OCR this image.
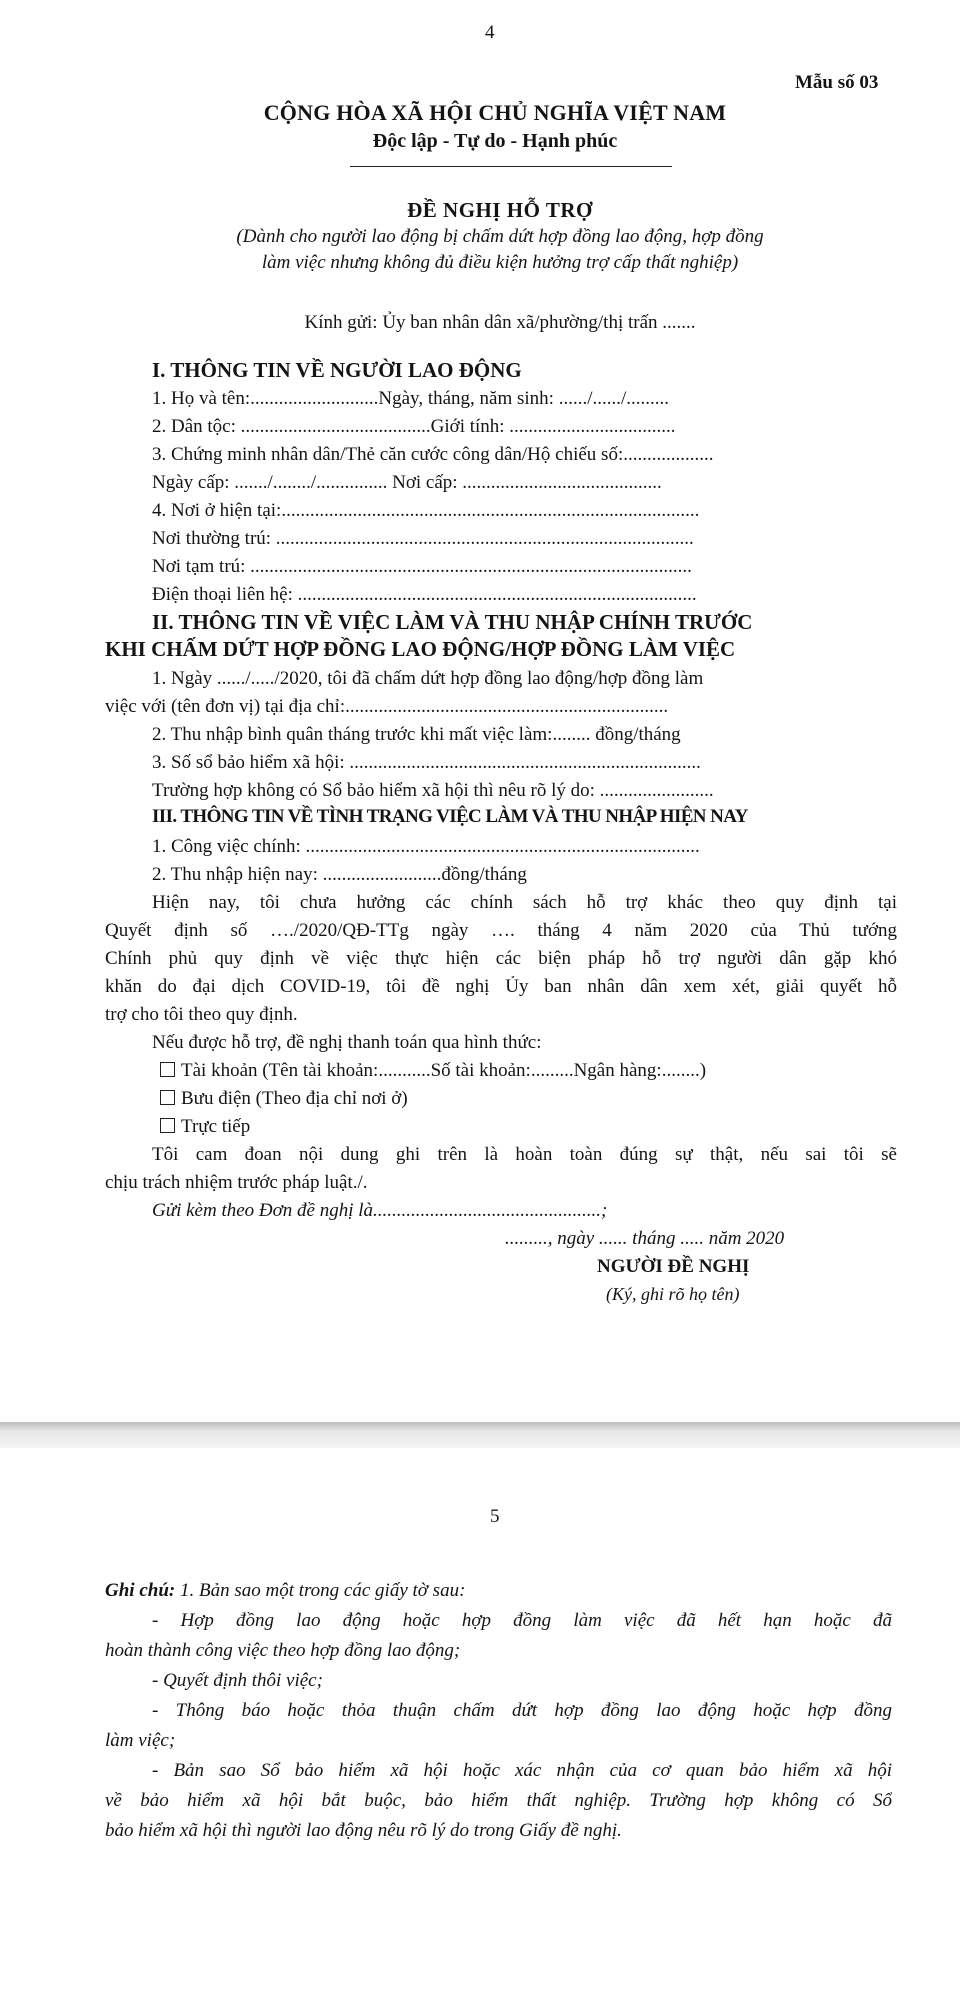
4
Mẫu số 03
CỘNG HÒA XÃ HỘI CHỦ NGHĨA VIỆT NAM
Độc lập - Tự do - Hạnh phúc
ĐỀ NGHỊ HỖ TRỢ
(Dành cho người lao động bị chấm dứt hợp đồng lao động, hợp đồng
làm việc nhưng không đủ điều kiện hưởng trợ cấp thất nghiệp)
Kính gửi: Ủy ban nhân dân xã/phường/thị trấn .......
I. THÔNG TIN VỀ NGƯỜI LAO ĐỘNG
1. Họ và tên:...........................Ngày, tháng, năm sinh: ....../....../.........
2. Dân tộc: ........................................Giới tính: ...................................
3. Chứng minh nhân dân/Thẻ căn cước công dân/Hộ chiếu số:...................
Ngày cấp: ......./......../............... Nơi cấp: ..........................................
4. Nơi ở hiện tại:........................................................................................
Nơi thường trú: ........................................................................................
Nơi tạm trú: .............................................................................................
Điện thoại liên hệ: ....................................................................................
II. THÔNG TIN VỀ VIỆC LÀM VÀ THU NHẬP CHÍNH TRƯỚC
KHI CHẤM DỨT HỢP ĐỒNG LAO ĐỘNG/HỢP ĐỒNG LÀM VIỆC
1. Ngày ....../...../2020, tôi đã chấm dứt hợp đồng lao động/hợp đồng làm
việc với (tên đơn vị) tại địa chỉ:....................................................................
2. Thu nhập bình quân tháng trước khi mất việc làm:........ đồng/tháng
3. Số sổ bảo hiểm xã hội: ..........................................................................
Trường hợp không có Sổ bảo hiểm xã hội thì nêu rõ lý do: ........................
III. THÔNG TIN VỀ TÌNH TRẠNG VIỆC LÀM VÀ THU NHẬP HIỆN NAY
1. Công việc chính: ...................................................................................
2. Thu nhập hiện nay: .........................đồng/tháng
Hiện nay, tôi chưa hưởng các chính sách hỗ trợ khác theo quy định tại
Quyết định số …./2020/QĐ-TTg ngày …. tháng 4 năm 2020 của Thủ tướng
Chính phủ quy định về việc thực hiện các biện pháp hỗ trợ người dân gặp khó
khăn do đại dịch COVID-19, tôi đề nghị Ủy ban nhân dân xem xét, giải quyết hỗ
trợ cho tôi theo quy định.
Nếu được hỗ trợ, đề nghị thanh toán qua hình thức:
Tài khoản (Tên tài khoản:...........Số tài khoản:.........Ngân hàng:........)
Bưu điện (Theo địa chỉ nơi ở)
Trực tiếp
Tôi cam đoan nội dung ghi trên là hoàn toàn đúng sự thật, nếu sai tôi sẽ
chịu trách nhiệm trước pháp luật./.
Gửi kèm theo Đơn đề nghị là................................................;
........., ngày ...... tháng ..... năm 2020
NGƯỜI ĐỀ NGHỊ
(Ký, ghi rõ họ tên)
5
Ghi chú: 1. Bản sao một trong các giấy tờ sau:
- Hợp đồng lao động hoặc hợp đồng làm việc đã hết hạn hoặc đã
hoàn thành công việc theo hợp đồng lao động;
- Quyết định thôi việc;
- Thông báo hoặc thỏa thuận chấm dứt hợp đồng lao động hoặc hợp đồng
làm việc;
- Bản sao Sổ bảo hiểm xã hội hoặc xác nhận của cơ quan bảo hiểm xã hội
về bảo hiểm xã hội bắt buộc, bảo hiểm thất nghiệp. Trường hợp không có Sổ
bảo hiểm xã hội thì người lao động nêu rõ lý do trong Giấy đề nghị.
